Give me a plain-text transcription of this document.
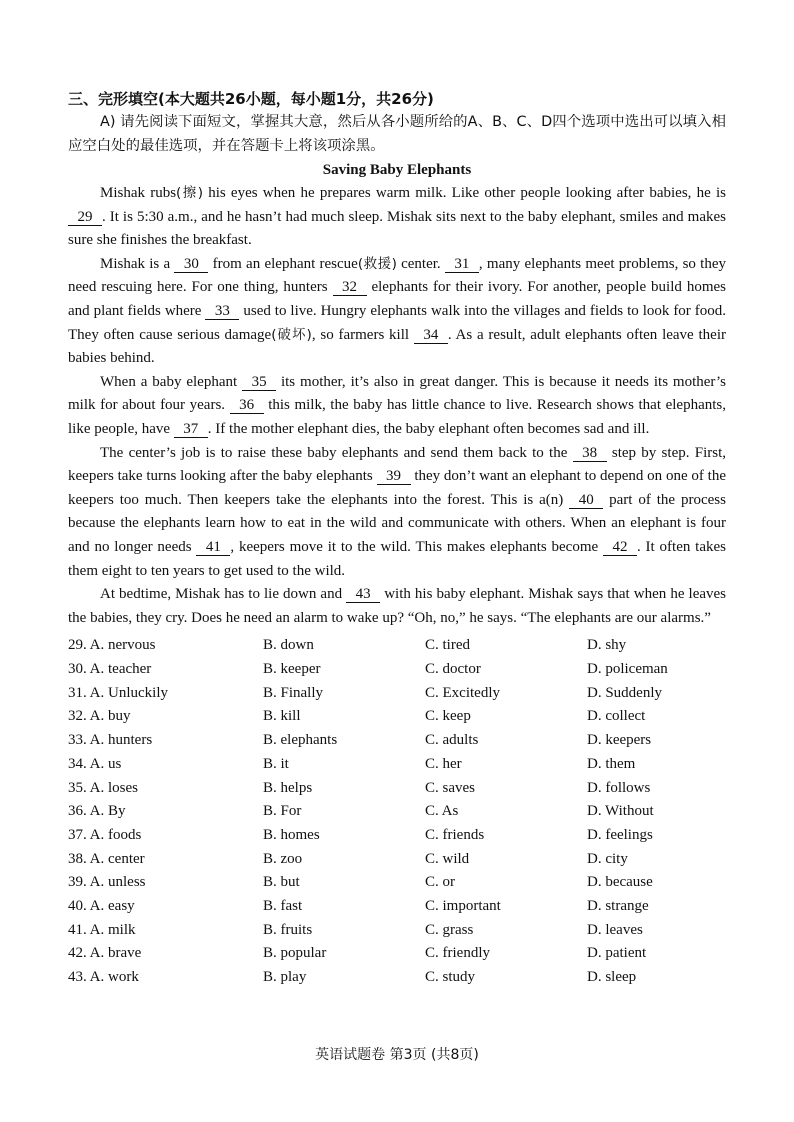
三、完形填空(本大题共26小题，每小题1分，共26分)
A) 请先阅读下面短文，掌握其大意，然后从各小题所给的A、B、C、D四个选项中选出可以填入相应空白处的最佳选项，并在答题卡上将该项涂黑。
Saving Baby Elephants

Mishak rubs(擦) his eyes when he prepares warm milk. Like other people looking after babies, he is 29 . It is 5:30 a.m., and he hasn’t had much sleep. Mishak sits next to the baby elephant, smiles and makes sure she finishes the breakfast.

Mishak is a 30 from an elephant rescue(救援) center. 31 , many elephants meet problems, so they need rescuing here. For one thing, hunters 32 elephants for their ivory. For another, people build homes and plant fields where 33 used to live. Hungry elephants walk into the villages and fields to look for food. They often cause serious damage(破坏), so farmers kill 34 . As a result, adult elephants often leave their babies behind.

When a baby elephant 35 its mother, it’s also in great danger. This is because it needs its mother’s milk for about four years. 36 this milk, the baby has little chance to live. Research shows that elephants, like people, have 37 . If the mother elephant dies, the baby elephant often becomes sad and ill.

The center’s job is to raise these baby elephants and send them back to the 38 step by step. First, keepers take turns looking after the baby elephants 39 they don’t want an elephant to depend on one of the keepers too much. Then keepers take the elephants into the forest. This is a(n) 40 part of the process because the elephants learn how to eat in the wild and communicate with others. When an elephant is four and no longer needs 41 , keepers move it to the wild. This makes elephants become 42 . It often takes them eight to ten years to get used to the wild.

At bedtime, Mishak has to lie down and 43 with his baby elephant. Mishak says that when he leaves the babies, they cry. Does he need an alarm to wake up? “Oh, no,” he says. “The elephants are our alarms.”

29. A. nervous	B. down	C. tired	D. shy
30. A. teacher	B. keeper	C. doctor	D. policeman
31. A. Unluckily	B. Finally	C. Excitedly	D. Suddenly
32. A. buy	B. kill	C. keep	D. collect
33. A. hunters	B. elephants	C. adults	D. keepers
34. A. us	B. it	C. her	D. them
35. A. loses	B. helps	C. saves	D. follows
36. A. By	B. For	C. As	D. Without
37. A. foods	B. homes	C. friends	D. feelings
38. A. center	B. zoo	C. wild	D. city
39. A. unless	B. but	C. or	D. because
40. A. easy	B. fast	C. important	D. strange
41. A. milk	B. fruits	C. grass	D. leaves
42. A. brave	B. popular	C. friendly	D. patient
43. A. work	B. play	C. study	D. sleep
英语试题卷 第3页 (共8页)
